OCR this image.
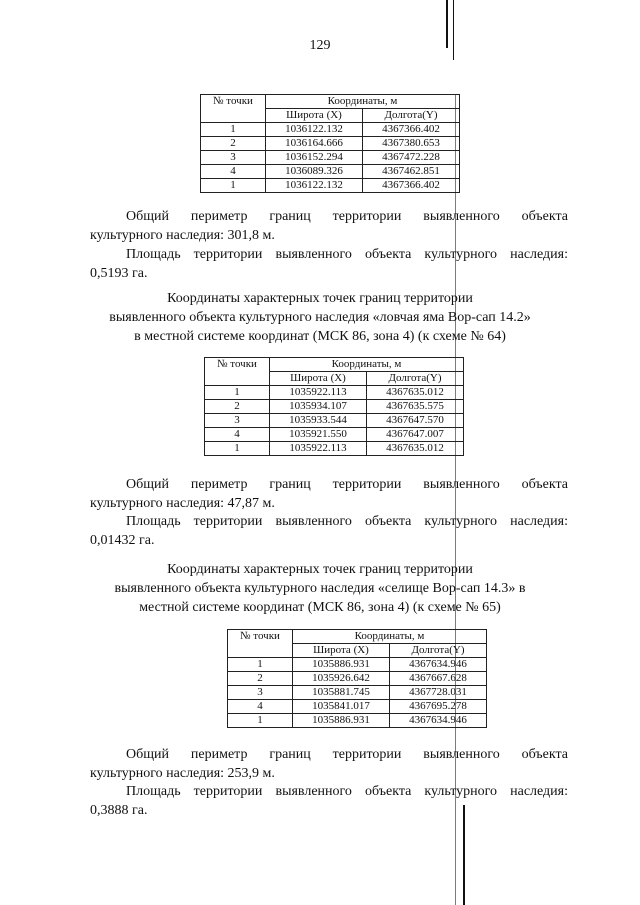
129
№ точки	Координаты, м	
	Широта (X)	Долгота(Y)
1	1036122.132	4367366.402
2	1036164.666	4367380.653
3	1036152.294	4367472.228
4	1036089.326	4367462.851
1	1036122.132	4367366.402

Общий периметр границ территории выявленного объекта
культурного наследия: 301,8 м.

Площадь территории выявленного объекта культурного наследия:
0,5193 га.

Координаты характерных точек границ территории
выявленного объекта культурного наследия «ловчая яма Вор-сап 14.2»
в местной системе координат (МСК 86, зона 4) (к схеме № 64)
№ точки	Координаты, м	
	Широта (X)	Долгота(Y)
1	1035922.113	4367635.012
2	1035934.107	4367635.575
3	1035933.544	4367647.570
4	1035921.550	4367647.007
1	1035922.113	4367635.012

Общий периметр границ территории выявленного объекта
культурного наследия: 47,87 м.

Площадь территории выявленного объекта культурного наследия:
0,01432 га.

Координаты характерных точек границ территории
выявленного объекта культурного наследия «селище Вор-сап 14.3» в
местной системе координат (МСК 86, зона 4) (к схеме № 65)
№ точки	Координаты, м	
	Широта (X)	Долгота(Y)
1	1035886.931	4367634.946
2	1035926.642	4367667.628
3	1035881.745	4367728.031
4	1035841.017	4367695.278
1	1035886.931	4367634.946

Общий периметр границ территории выявленного объекта
культурного наследия: 253,9 м.

Площадь территории выявленного объекта культурного наследия:
0,3888 га.
